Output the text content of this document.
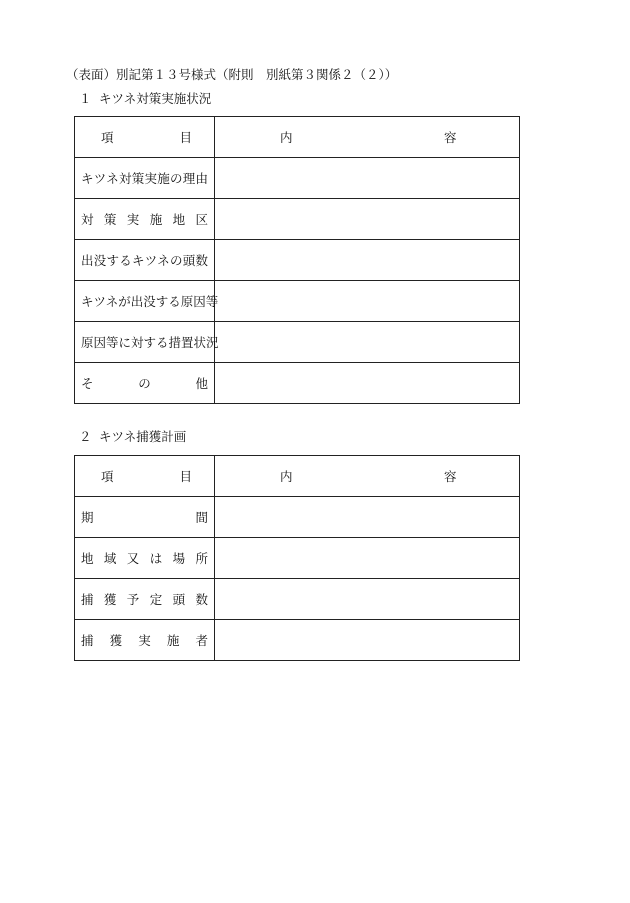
（表面）別記第１３号様式（附則　別紙第３関係２（２））
１ キツネ対策実施状況
項目	内 容

キツネ対策実施の理由	

対策実施地区	

出没するキツネの頭数	

キツネが出没する原因等	

原因等に対する措置状況	

その他	

２ キツネ捕獲計画
項目	内 容

期間	

地域又は場所	

捕獲予定頭数	

捕獲実施者	
